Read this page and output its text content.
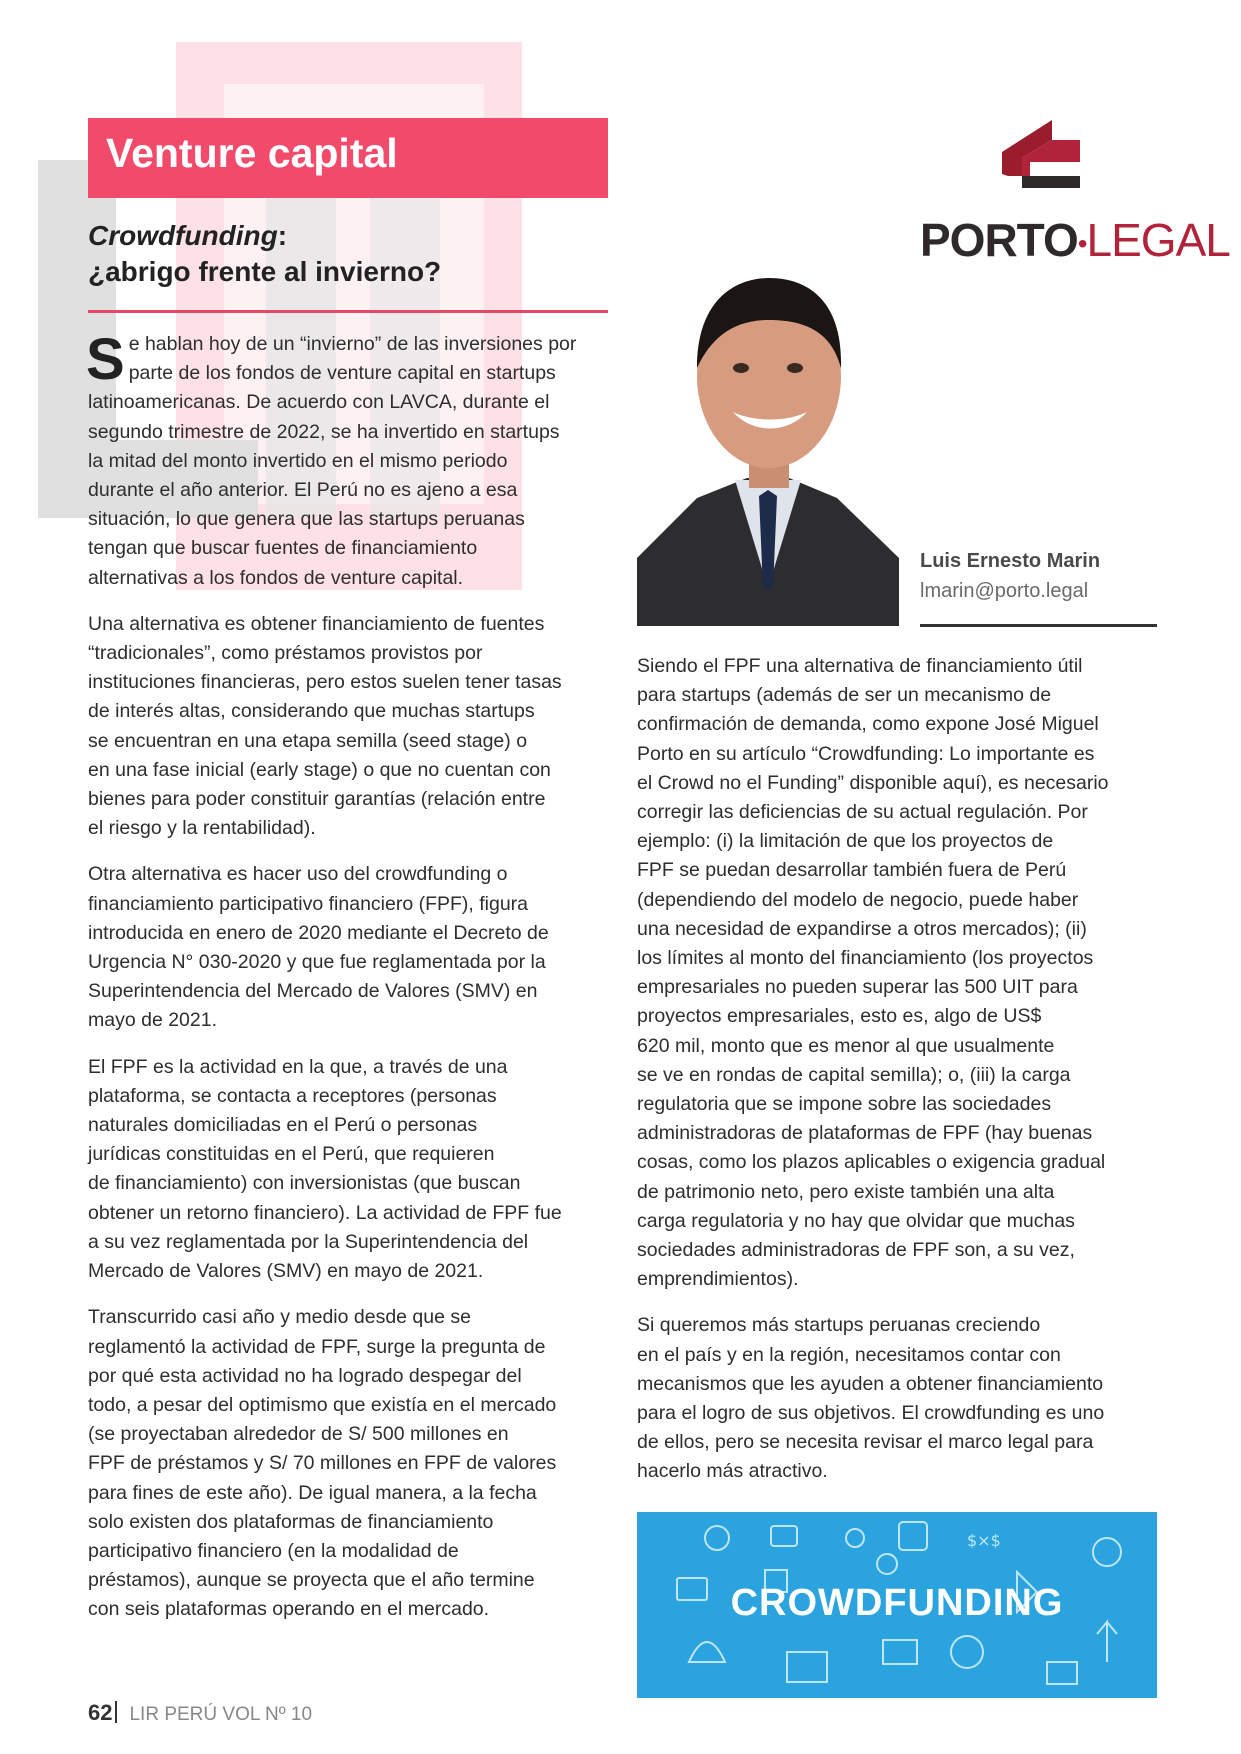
Venture capital
Crowdfunding:
¿abrigo frente al invierno?

S e hablan hoy de un “invierno” de las inversiones por
parte de los fondos de venture capital en startups
latinoamericanas. De acuerdo con LAVCA, durante el
segundo trimestre de 2022, se ha invertido en startups
la mitad del monto invertido en el mismo periodo
durante el año anterior. El Perú no es ajeno a esa
situación, lo que genera que las startups peruanas
tengan que buscar fuentes de financiamiento
alternativas a los fondos de venture capital.

Una alternativa es obtener financiamiento de fuentes
“tradicionales”, como préstamos provistos por
instituciones financieras, pero estos suelen tener tasas
de interés altas, considerando que muchas startups
se encuentran en una etapa semilla (seed stage) o
en una fase inicial (early stage) o que no cuentan con
bienes para poder constituir garantías (relación entre
el riesgo y la rentabilidad).

Otra alternativa es hacer uso del crowdfunding o
financiamiento participativo financiero (FPF), figura
introducida en enero de 2020 mediante el Decreto de
Urgencia N° 030-2020 y que fue reglamentada por la
Superintendencia del Mercado de Valores (SMV) en
mayo de 2021.

El FPF es la actividad en la que, a través de una
plataforma, se contacta a receptores (personas
naturales domiciliadas en el Perú o personas
jurídicas constituidas en el Perú, que requieren
de financiamiento) con inversionistas (que buscan
obtener un retorno financiero). La actividad de FPF fue
a su vez reglamentada por la Superintendencia del
Mercado de Valores (SMV) en mayo de 2021.

Transcurrido casi año y medio desde que se
reglamentó la actividad de FPF, surge la pregunta de
por qué esta actividad no ha logrado despegar del
todo, a pesar del optimismo que existía en el mercado
(se proyectaban alrededor de S/ 500 millones en
FPF de préstamos y S/ 70 millones en FPF de valores
para fines de este año). De igual manera, a la fecha
solo existen dos plataformas de financiamiento
participativo financiero (en la modalidad de
préstamos), aunque se proyecta que el año termine
con seis plataformas operando en el mercado.

PORTO•LEGAL
Luis Ernesto Marin
lmarin@porto.legal

Siendo el FPF una alternativa de financiamiento útil
para startups (además de ser un mecanismo de
confirmación de demanda, como expone José Miguel
Porto en su artículo “Crowdfunding: Lo importante es
el Crowd no el Funding” disponible aquí), es necesario
corregir las deficiencias de su actual regulación. Por
ejemplo: (i) la limitación de que los proyectos de
FPF se puedan desarrollar también fuera de Perú
(dependiendo del modelo de negocio, puede haber
una necesidad de expandirse a otros mercados); (ii)
los límites al monto del financiamiento (los proyectos
empresariales no pueden superar las 500 UIT para
proyectos empresariales, esto es, algo de US$
620 mil, monto que es menor al que usualmente
se ve en rondas de capital semilla); o, (iii) la carga
regulatoria que se impone sobre las sociedades
administradoras de plataformas de FPF (hay buenas
cosas, como los plazos aplicables o exigencia gradual
de patrimonio neto, pero existe también una alta
carga regulatoria y no hay que olvidar que muchas
sociedades administradoras de FPF son, a su vez,
emprendimientos).

Si queremos más startups peruanas creciendo
en el país y en la región, necesitamos contar con
mecanismos que les ayuden a obtener financiamiento
para el logro de sus objetivos. El crowdfunding es uno
de ellos, pero se necesita revisar el marco legal para
hacerlo más atractivo.

$×$
CROWDFUNDING
62 LIR PERÚ VOL Nº 10
